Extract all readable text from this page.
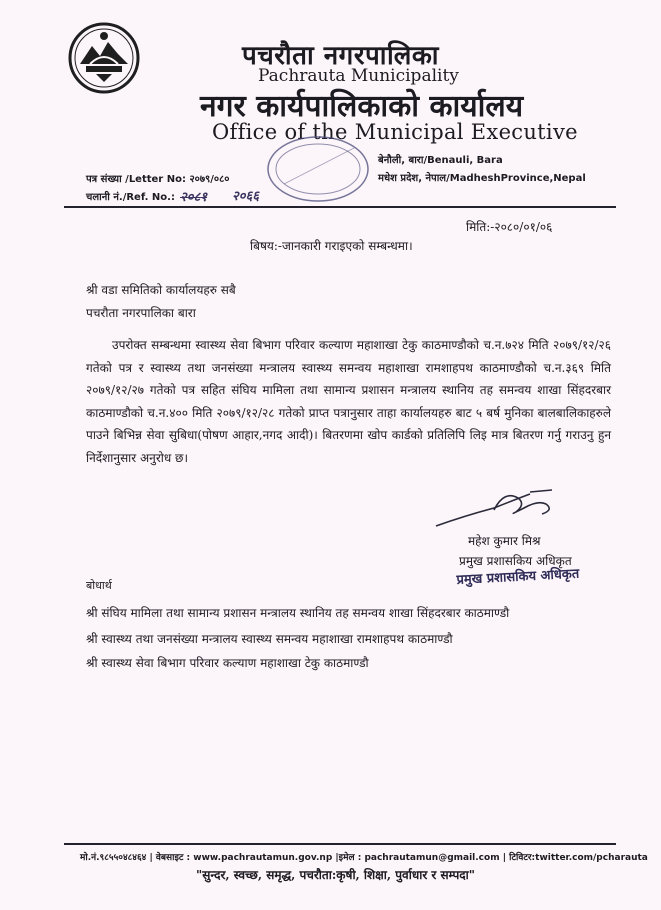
पचरौता नगरपालिका
Pachrauta Municipality
नगर कार्यपालिकाको कार्यालय
Office of the Municipal Executive
पत्र संख्या /Letter No: २०७९/०८०
चलानी नं./Ref. No.: २०८१ २०६६
बेनौली, बारा/Benauli, Bara
मधेश प्रदेश, नेपाल/MadheshProvince,Nepal
मिति:-२०८०/०१/०६
बिषय:-जानकारी गराइएको सम्बन्धमा।
श्री वडा समितिको कार्यालयहरु सबै
पचरौता नगरपालिका बारा
उपरोक्त सम्बन्धमा स्वास्थ्य सेवा बिभाग परिवार कल्याण महाशाखा टेकु काठमाण्डौको च.न.७२४ मिति २०७९/१२/२६ गतेको पत्र र स्वास्थ्य तथा जनसंख्या मन्त्रालय स्वास्थ्य समन्वय महाशाखा रामशाहपथ काठमाण्डौको च.न.३६९ मिति २०७९/१२/२७ गतेको पत्र सहित संघिय मामिला तथा सामान्य प्रशासन मन्त्रालय स्थानिय तह समन्वय शाखा सिंहदरबार काठमाण्डौको च.न.४०० मिति २०७९/१२/२८ गतेको प्राप्त पत्रानुसार ताहा कार्यालयहरु बाट ५ बर्ष मुनिका बालबालिकाहरुले पाउने बिभिन्न सेवा सुबिधा(पोषण आहार,नगद आदी)। बितरणमा खोप कार्डको प्रतिलिपि लिइ मात्र बितरण गर्नु गराउनु हुन निर्देशानुसार अनुरोध छ।
महेश कुमार मिश्र
प्रमुख प्रशासकिय अधिकृत
प्रमुख प्रशासकिय अधिकृत
बोधार्थ
श्री संघिय मामिला तथा सामान्य प्रशासन मन्त्रालय स्थानिय तह समन्वय शाखा सिंहदरबार काठमाण्डौ
श्री स्वास्थ्य तथा जनसंख्या मन्त्रालय स्वास्थ्य समन्वय महाशाखा रामशाहपथ काठमाण्डौ
श्री स्वास्थ्य सेवा बिभाग परिवार कल्याण महाशाखा टेकु काठमाण्डौ
मो.नं.९८५५०४८४६४ | वेबसाइट : www.pachrautamun.gov.np |इमेल : pachrautamun@gmail.com | टिविटर:twitter.com/pcharauta
"सुन्दर, स्वच्छ, समृद्ध, पचरौता:कृषी, शिक्षा, पुर्वाधार र सम्पदा"
